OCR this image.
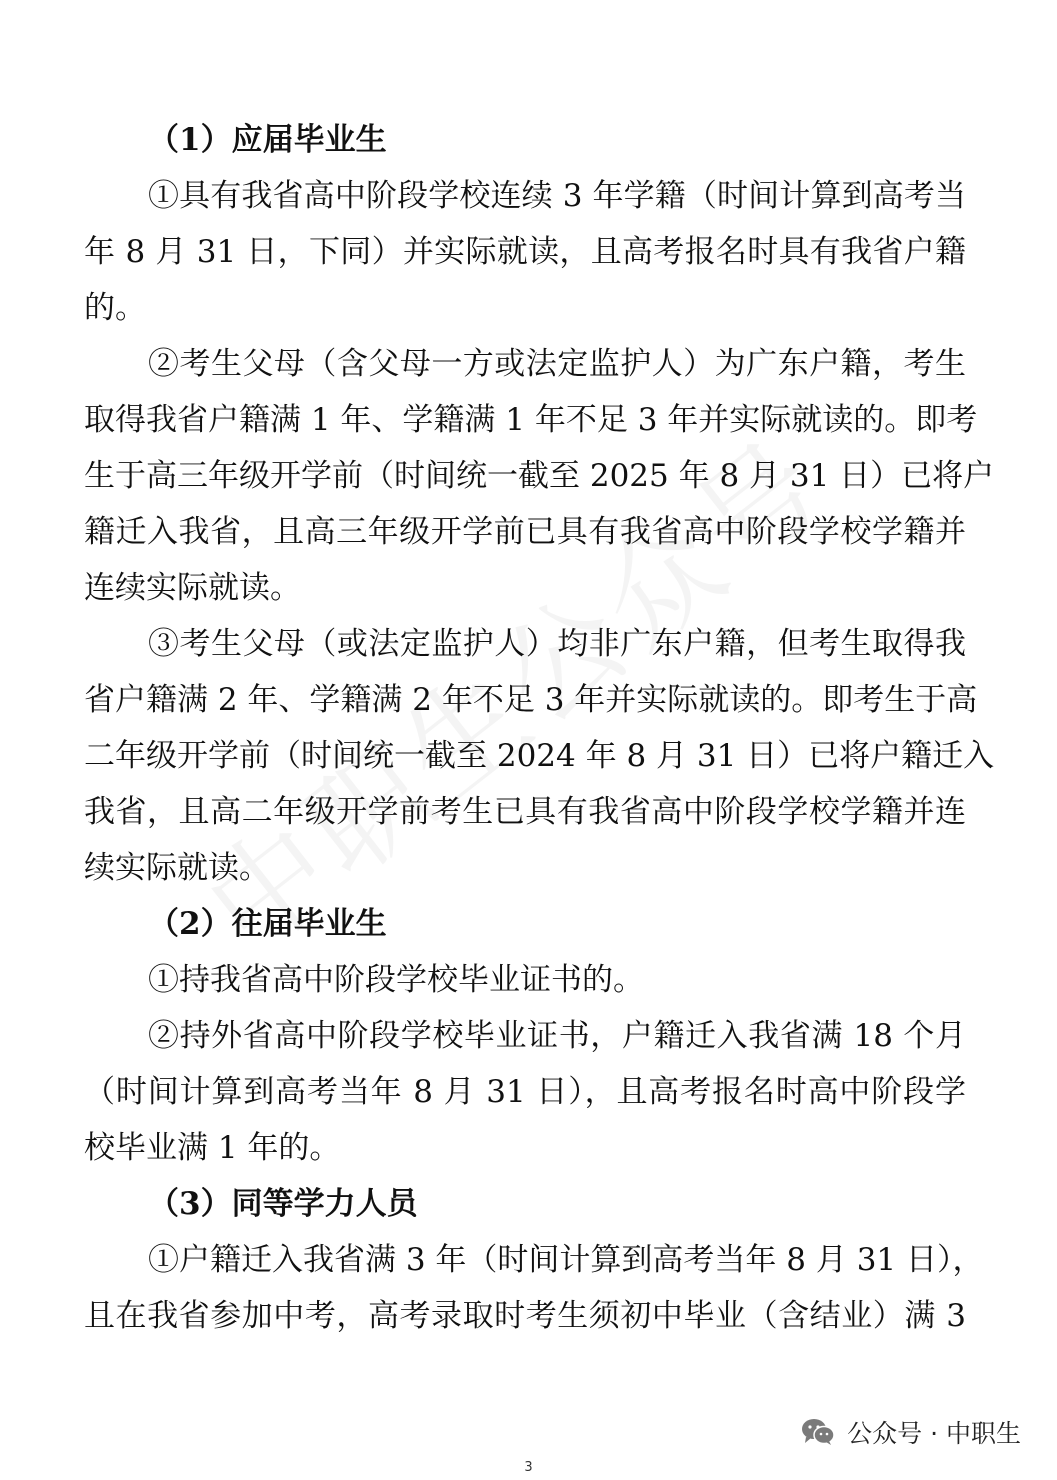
（1）应届毕业生
①具有我省高中阶段学校连续 3 年学籍（时间计算到高考当
年 8 月 31 日，下同）并实际就读，且高考报名时具有我省户籍
的。
②考生父母（含父母一方或法定监护人）为广东户籍，考生
取得我省户籍满 1 年、学籍满 1 年不足 3 年并实际就读的。即考
生于高三年级开学前（时间统一截至 2025 年 8 月 31 日）已将户
籍迁入我省，且高三年级开学前已具有我省高中阶段学校学籍并
连续实际就读。
③考生父母（或法定监护人）均非广东户籍，但考生取得我
省户籍满 2 年、学籍满 2 年不足 3 年并实际就读的。即考生于高
二年级开学前（时间统一截至 2024 年 8 月 31 日）已将户籍迁入
我省，且高二年级开学前考生已具有我省高中阶段学校学籍并连
续实际就读。
（2）往届毕业生
①持我省高中阶段学校毕业证书的。
②持外省高中阶段学校毕业证书，户籍迁入我省满 18 个月
（时间计算到高考当年 8 月 31 日），且高考报名时高中阶段学
校毕业满 1 年的。
（3）同等学力人员
①户籍迁入我省满 3 年（时间计算到高考当年 8 月 31 日），
且在我省参加中考，高考录取时考生须初中毕业（含结业）满 3
公众号 · 中职生
3
